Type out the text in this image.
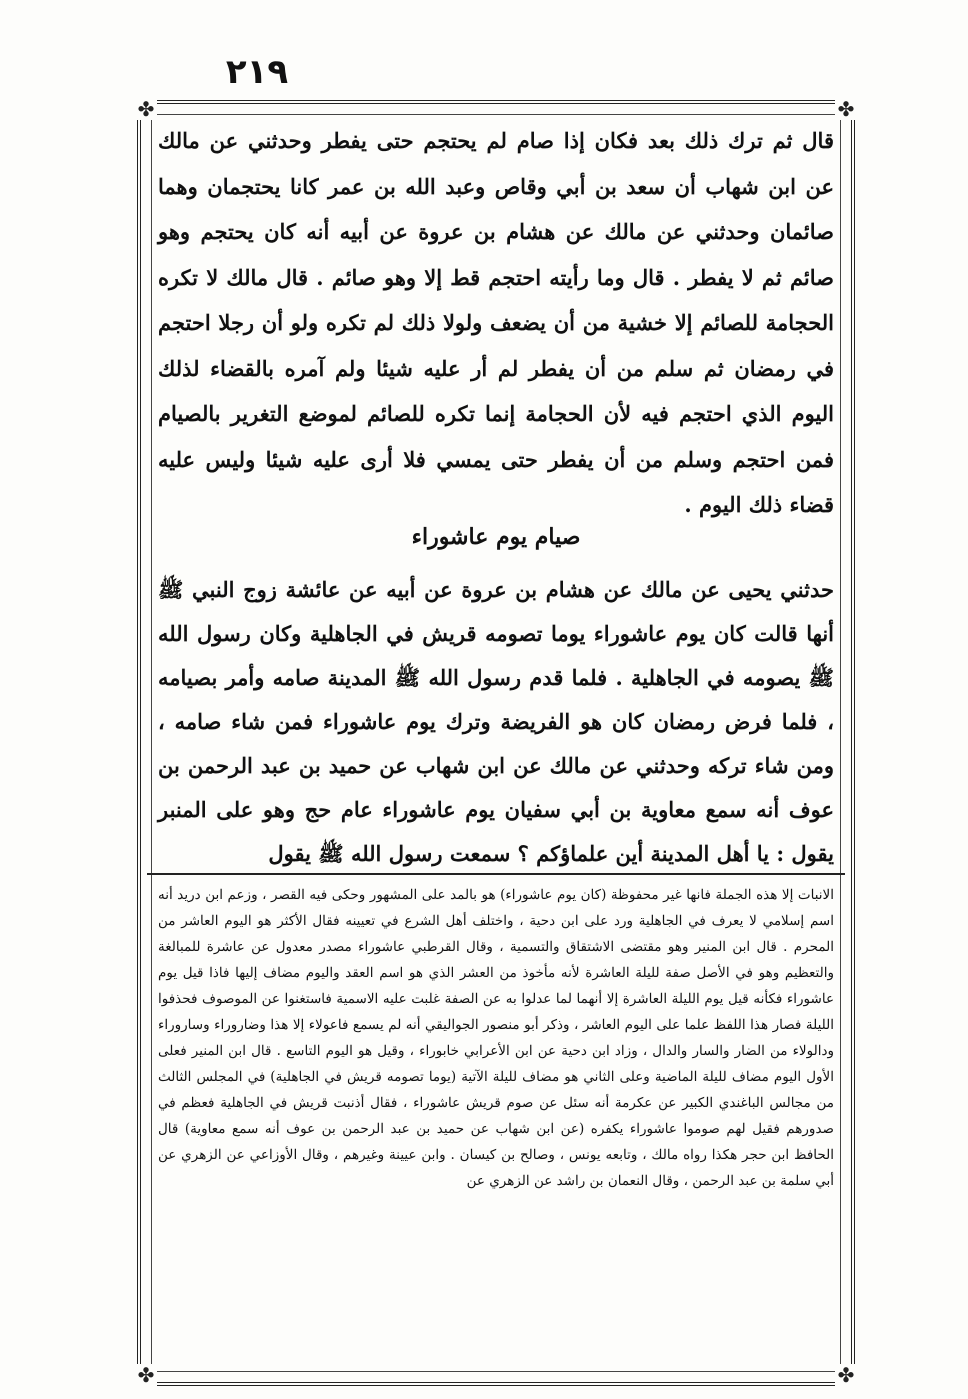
٢١٩
✤	✤
✤	✤

قال ثم ترك ذلك بعد فكان إذا صام لم يحتجم حتى يفطر وحدثني عن مالك عن ابن شهاب أن سعد بن أبي وقاص وعبد الله بن عمر كانا يحتجمان وهما صائمان وحدثني عن مالك عن هشام بن عروة عن أبيه أنه كان يحتجم وهو صائم ثم لا يفطر . قال وما رأيته احتجم قط إلا وهو صائم . قال مالك لا تكره الحجامة للصائم إلا خشية من أن يضعف ولولا ذلك لم تكره ولو أن رجلا احتجم في رمضان ثم سلم من أن يفطر لم أر عليه شيئا ولم آمره بالقضاء لذلك اليوم الذي احتجم فيه لأن الحجامة إنما تكره للصائم لموضع التغرير بالصيام فمن احتجم وسلم من أن يفطر حتى يمسي فلا أرى عليه شيئا وليس عليه قضاء ذلك اليوم .

صيام يوم عاشوراء

حدثني يحيى عن مالك عن هشام بن عروة عن أبيه عن عائشة زوج النبي ﷺ أنها قالت كان يوم عاشوراء يوما تصومه قريش في الجاهلية وكان رسول الله ﷺ يصومه في الجاهلية . فلما قدم رسول الله ﷺ المدينة صامه وأمر بصيامه ، فلما فرض رمضان كان هو الفريضة وترك يوم عاشوراء فمن شاء صامه ، ومن شاء تركه وحدثني عن مالك عن ابن شهاب عن حميد بن عبد الرحمن بن عوف أنه سمع معاوية بن أبي سفيان يوم عاشوراء عام حج وهو على المنبر يقول : يا أهل المدينة أين علماؤكم ؟ سمعت رسول الله ﷺ يقول

الانبات إلا هذه الجملة فانها غير محفوظة (كان يوم عاشوراء) هو بالمد على المشهور وحكى فيه القصر ، وزعم ابن دريد أنه اسم إسلامي لا يعرف في الجاهلية ورد على ابن دحية ، واختلف أهل الشرع في تعيينه فقال الأكثر هو اليوم العاشر من المحرم . قال ابن المنير وهو مقتضى الاشتقاق والتسمية ، وقال القرطبي عاشوراء مصدر معدول عن عاشرة للمبالغة والتعظيم وهو في الأصل صفة لليلة العاشرة لأنه مأخوذ من العشر الذي هو اسم العقد واليوم مضاف إليها فاذا قيل يوم عاشوراء فكأنه قيل يوم الليلة العاشرة إلا أنهما لما عدلوا به عن الصفة غلبت عليه الاسمية فاستغنوا عن الموصوف فحذفوا الليلة فصار هذا اللفظ علما على اليوم العاشر ، وذكر أبو منصور الجواليقي أنه لم يسمع فاعولاء إلا هذا وضاروراء وساروراء ودالولاء من الضار والسار والدال ، وزاد ابن دحية عن ابن الأعرابي خابوراء ، وقيل هو اليوم التاسع . قال ابن المنير فعلى الأول اليوم مضاف لليلة الماضية وعلى الثاني هو مضاف لليلة الآتية (يوما تصومه قريش في الجاهلية) في المجلس الثالث من مجالس الباغندي الكبير عن عكرمة أنه سئل عن صوم قريش عاشوراء ، فقال أذنبت قريش في الجاهلية فعظم في صدورهم فقيل لهم صوموا عاشوراء يكفره (عن ابن شهاب عن حميد بن عبد الرحمن بن عوف أنه سمع معاوية) قال الحافظ ابن حجر هكذا رواه مالك ، وتابعه يونس ، وصالح بن كيسان . وابن عيينة وغيرهم ، وقال الأوزاعي عن الزهري عن أبي سلمة بن عبد الرحمن ، وقال النعمان بن راشد عن الزهري عن
